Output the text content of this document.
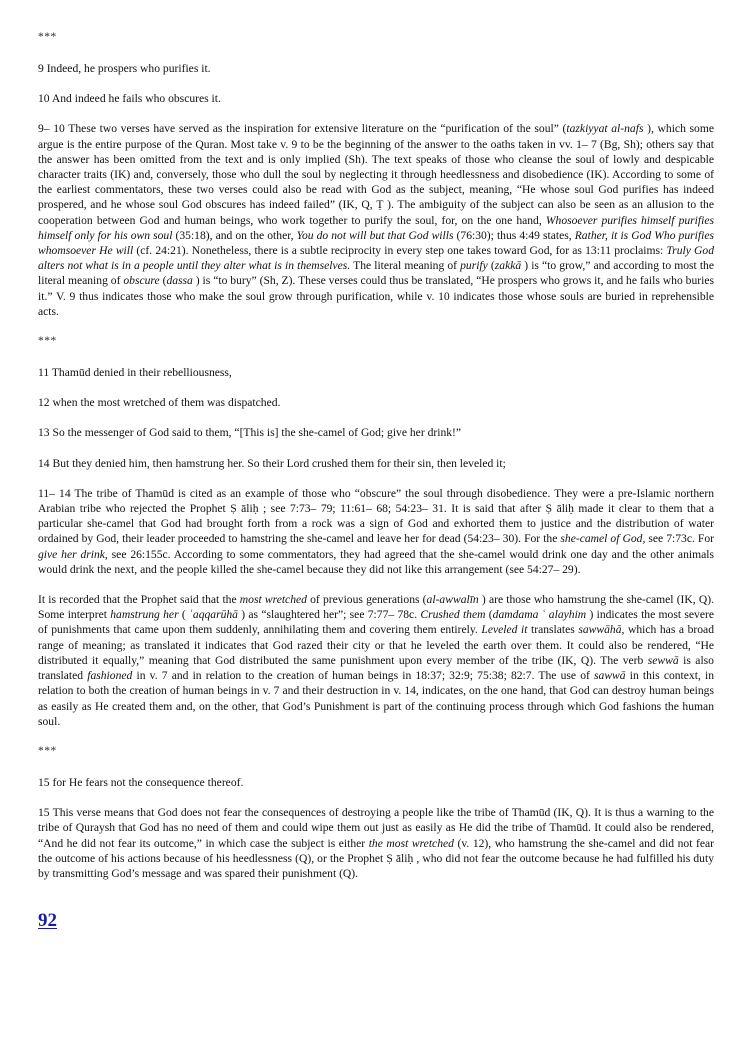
***

9 Indeed, he prospers who purifies it.

10 And indeed he fails who obscures it.

9– 10 These two verses have served as the inspiration for extensive literature on the “purification of the soul” (tazkiyyat al-nafs ), which some argue is the entire purpose of the Quran. Most take v. 9 to be the beginning of the answer to the oaths taken in vv. 1– 7 (Bg, Sh); others say that the answer has been omitted from the text and is only implied (Sh). The text speaks of those who cleanse the soul of lowly and despicable character traits (IK) and, conversely, those who dull the soul by neglecting it through heedlessness and disobedience (IK). According to some of the earliest commentators, these two verses could also be read with God as the subject, meaning, “He whose soul God purifies has indeed prospered, and he whose soul God obscures has indeed failed” (IK, Q, Ṭ ). The ambiguity of the subject can also be seen as an allusion to the cooperation between God and human beings, who work together to purify the soul, for, on the one hand, Whosoever purifies himself purifies himself only for his own soul (35:18), and on the other, You do not will but that God wills (76:30); thus 4:49 states, Rather, it is God Who purifies whomsoever He will (cf. 24:21). Nonetheless, there is a subtle reciprocity in every step one takes toward God, for as 13:11 proclaims: Truly God alters not what is in a people until they alter what is in themselves. The literal meaning of purify (zakkā ) is “to grow,” and according to most the literal meaning of obscure (dassa ) is “to bury” (Sh, Z). These verses could thus be translated, “He prospers who grows it, and he fails who buries it.” V. 9 thus indicates those who make the soul grow through purification, while v. 10 indicates those whose souls are buried in reprehensible acts.

***

11 Thamūd denied in their rebelliousness,

12 when the most wretched of them was dispatched.

13 So the messenger of God said to them, “[This is] the she-camel of God; give her drink!”

14 But they denied him, then hamstrung her. So their Lord crushed them for their sin, then leveled it;

11– 14 The tribe of Thamūd is cited as an example of those who “obscure” the soul through disobedience. They were a pre-Islamic northern Arabian tribe who rejected the Prophet Ṣ āliḥ ; see 7:73– 79; 11:61– 68; 54:23– 31. It is said that after Ṣ āliḥ made it clear to them that a particular she-camel that God had brought forth from a rock was a sign of God and exhorted them to justice and the distribution of water ordained by God, their leader proceeded to hamstring the she-camel and leave her for dead (54:23– 30). For the she-camel of God, see 7:73c. For give her drink, see 26:155c. According to some commentators, they had agreed that the she-camel would drink one day and the other animals would drink the next, and the people killed the she-camel because they did not like this arrangement (see 54:27– 29).

It is recorded that the Prophet said that the most wretched of previous generations (al-awwalīn ) are those who hamstrung the she-camel (IK, Q). Some interpret hamstrung her ( ʿaqqarūhā ) as “slaughtered her”; see 7:77– 78c. Crushed them (damdama ʿ alayhim ) indicates the most severe of punishments that came upon them suddenly, annihilating them and covering them entirely. Leveled it translates sawwāhā, which has a broad range of meaning; as translated it indicates that God razed their city or that he leveled the earth over them. It could also be rendered, “He distributed it equally,” meaning that God distributed the same punishment upon every member of the tribe (IK, Q). The verb sewwā is also translated fashioned in v. 7 and in relation to the creation of human beings in 18:37; 32:9; 75:38; 82:7. The use of sawwā in this context, in relation to both the creation of human beings in v. 7 and their destruction in v. 14, indicates, on the one hand, that God can destroy human beings as easily as He created them and, on the other, that God’s Punishment is part of the continuing process through which God fashions the human soul.

***

15 for He fears not the consequence thereof.

15 This verse means that God does not fear the consequences of destroying a people like the tribe of Thamūd (IK, Q). It is thus a warning to the tribe of Quraysh that God has no need of them and could wipe them out just as easily as He did the tribe of Thamūd. It could also be rendered, “And he did not fear its outcome,” in which case the subject is either the most wretched (v. 12), who hamstrung the she-camel and did not fear the outcome of his actions because of his heedlessness (Q), or the Prophet Ṣ āliḥ , who did not fear the outcome because he had fulfilled his duty by transmitting God’s message and was spared their punishment (Q).

92
